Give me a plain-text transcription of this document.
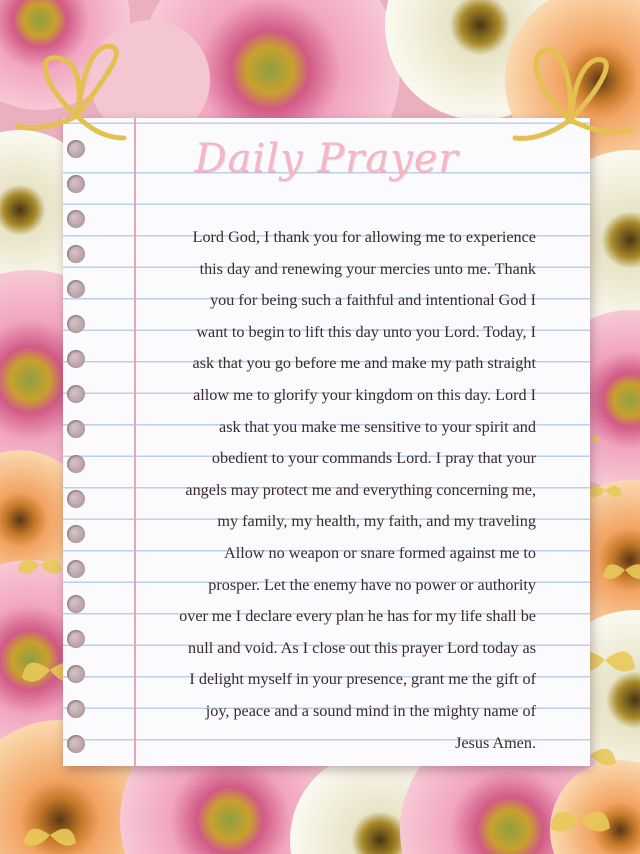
Daily Prayer
Lord God, I thank you for allowing me to experience
this day and renewing your mercies unto me. Thank
you for being such a faithful and intentional God I
want to begin to lift this day unto you Lord. Today, I
ask that you go before me and make my path straight
allow me to glorify your kingdom on this day. Lord I
ask that you make me sensitive to your spirit and
obedient to your commands Lord. I pray that your
angels may protect me and everything concerning me,
my family, my health, my faith, and my traveling
Allow no weapon or snare formed against me to
prosper. Let the enemy have no power or authority
over me I declare every plan he has for my life shall be
null and void. As I close out this prayer Lord today as
I delight myself in your presence, grant me the gift of
joy, peace and a sound mind in the mighty name of
Jesus Amen.
